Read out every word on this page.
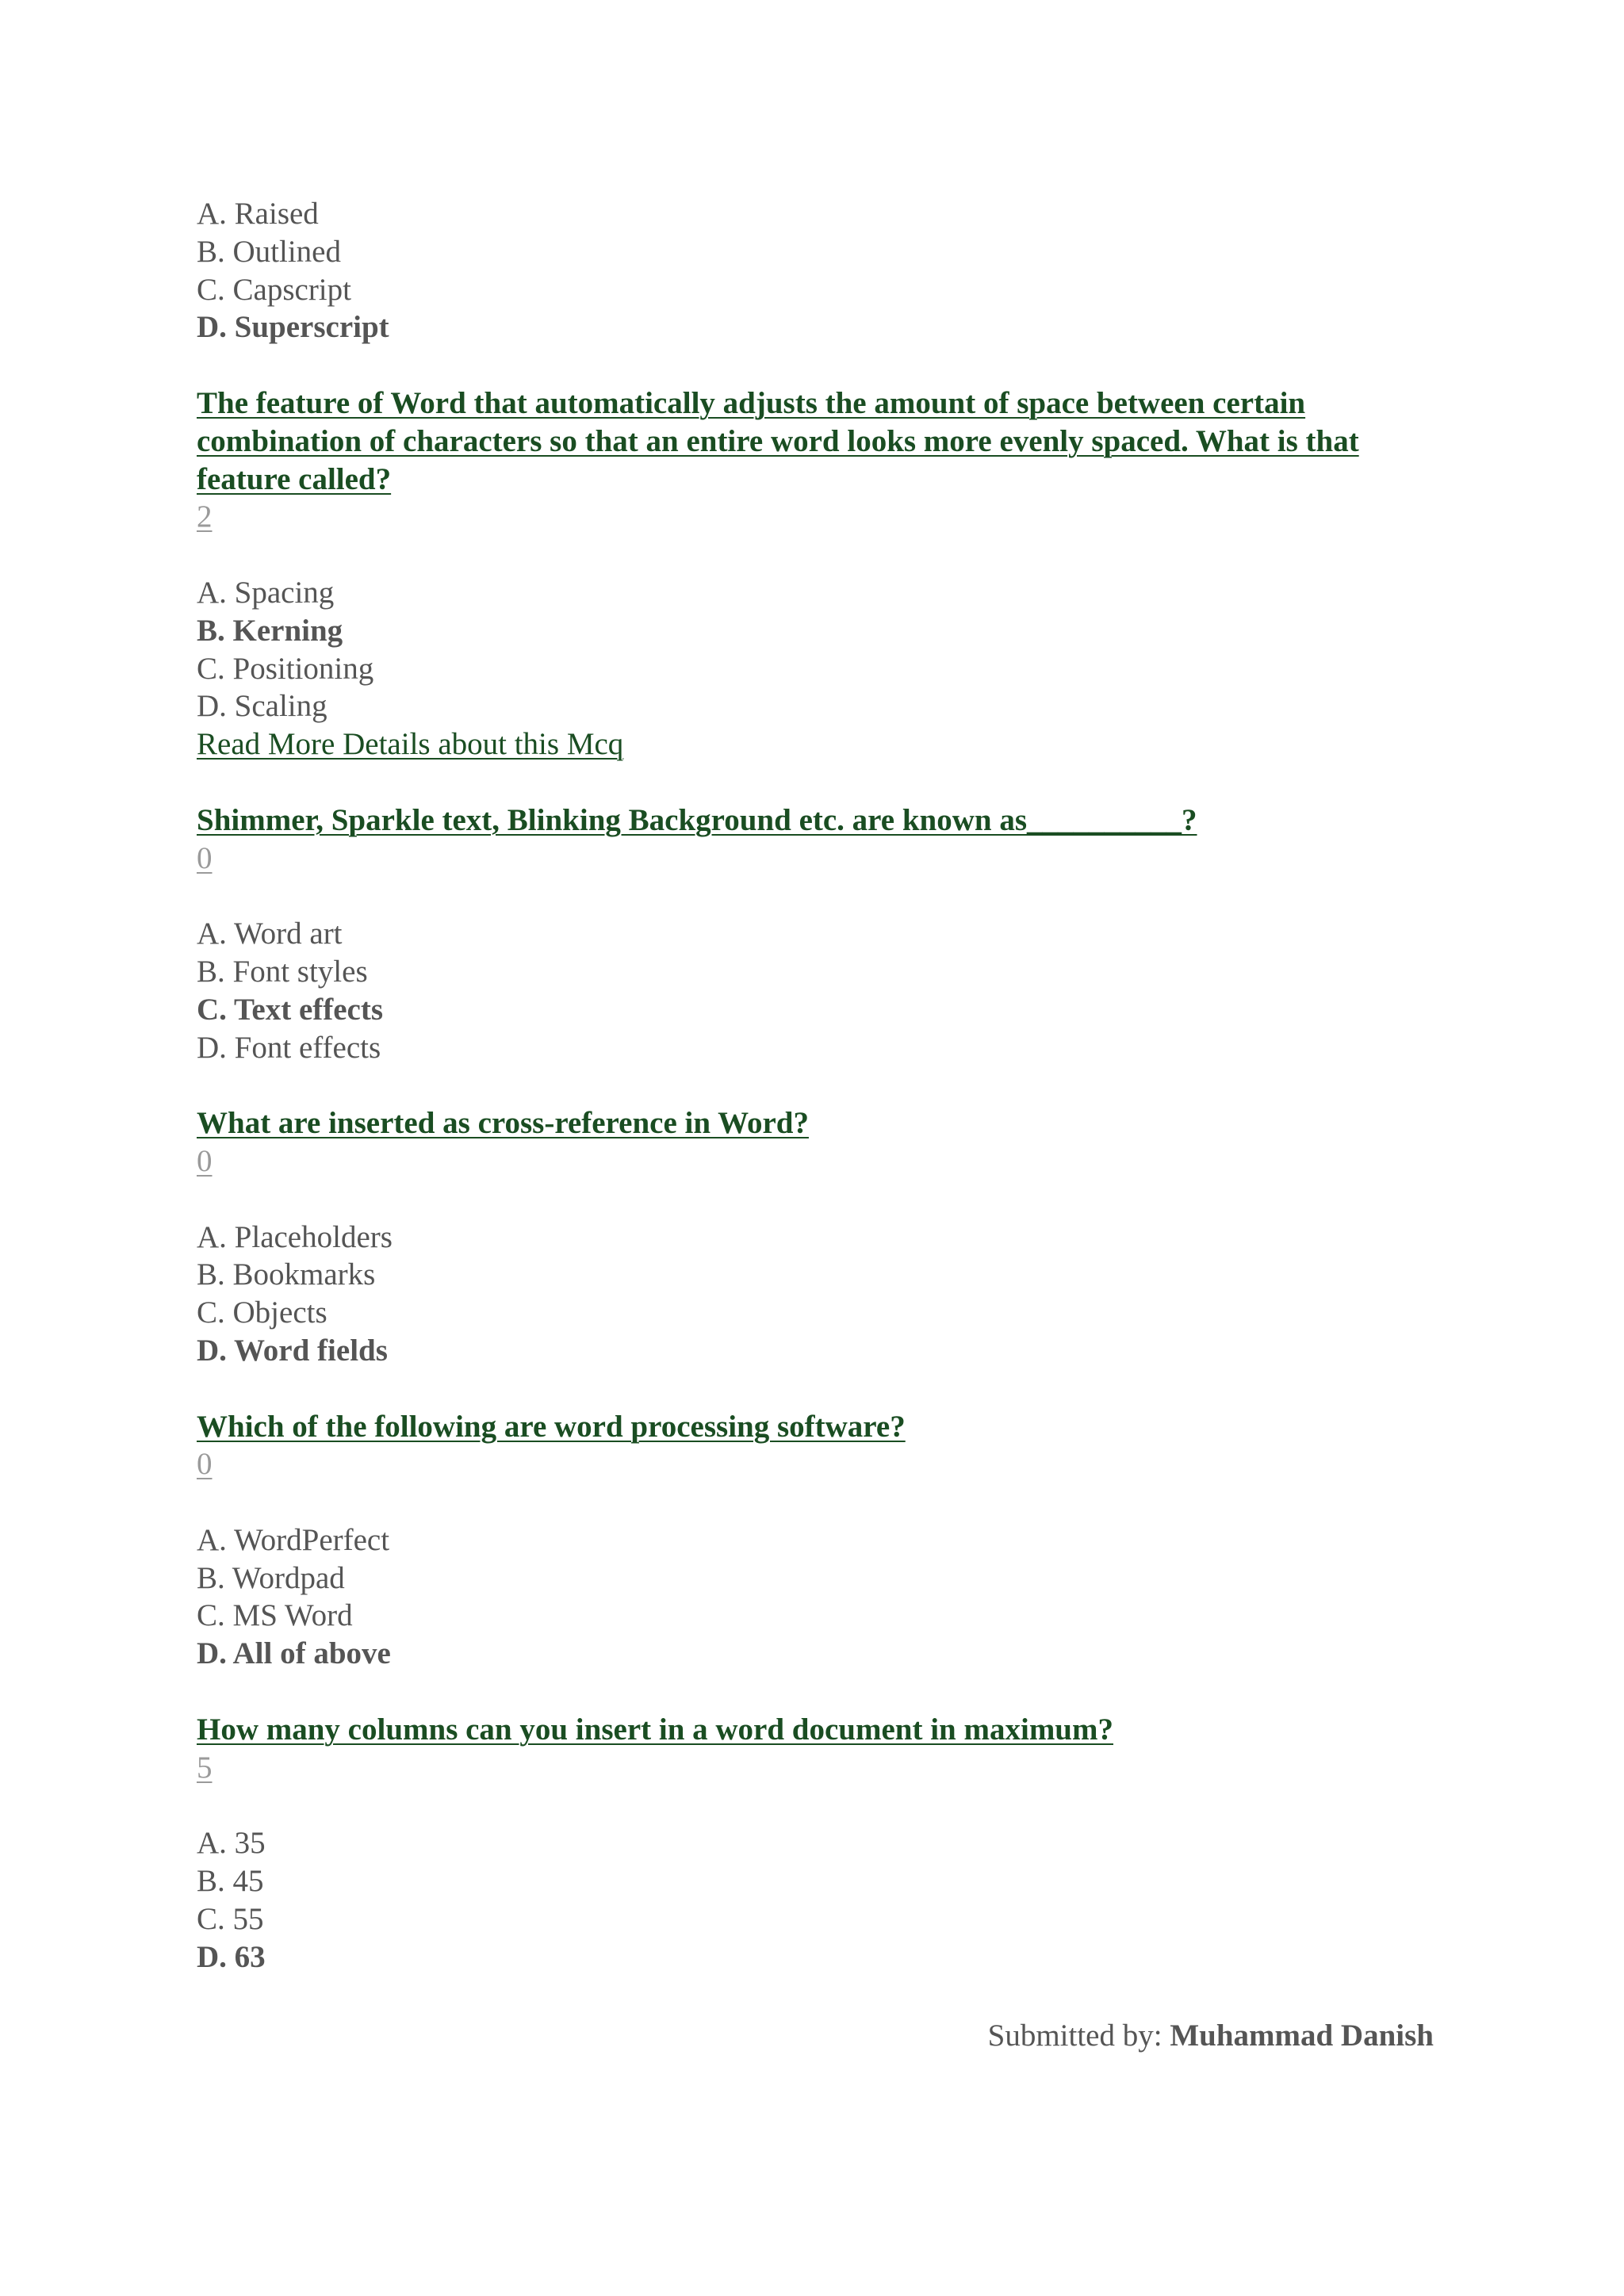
A. Raised
B. Outlined
C. Capscript
D. Superscript
The feature of Word that automatically adjusts the amount of space between certain combination of characters so that an entire word looks more evenly spaced. What is that feature called?
2
A. Spacing
B. Kerning
C. Positioning
D. Scaling
Read More Details about this Mcq
Shimmer, Sparkle text, Blinking Background etc. are known as__________?
0
A. Word art
B. Font styles
C. Text effects
D. Font effects
What are inserted as cross-reference in Word?
0
A. Placeholders
B. Bookmarks
C. Objects
D. Word fields
Which of the following are word processing software?
0
A. WordPerfect
B. Wordpad
C. MS Word
D. All of above
How many columns can you insert in a word document in maximum?
5
A. 35
B. 45
C. 55
D. 63
Submitted by: Muhammad Danish
